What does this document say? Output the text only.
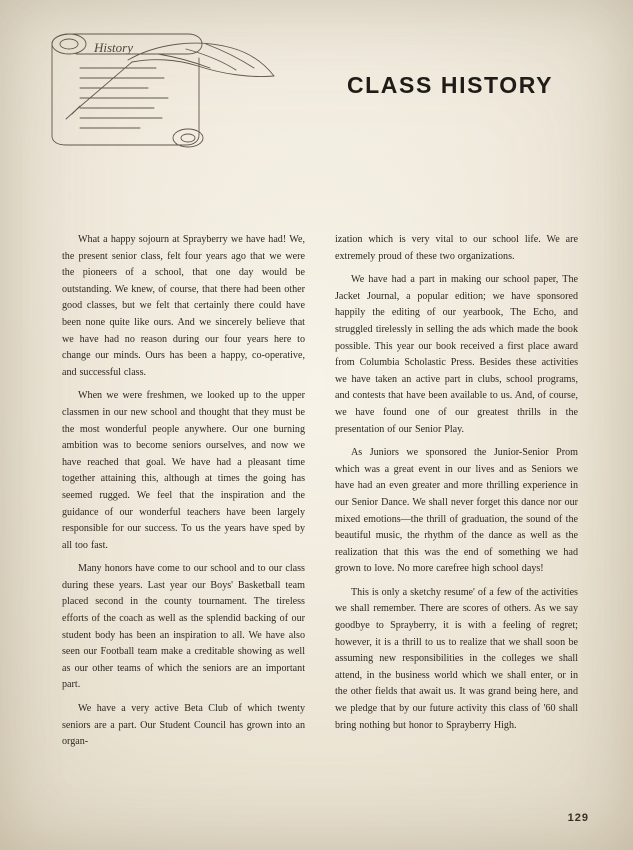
History
CLASS HISTORY

What a happy sojourn at Sprayberry we have had! We, the present senior class, felt four years ago that we were the pioneers of a school, that one day would be outstanding. We knew, of course, that there had been other good classes, but we felt that certainly there could have been none quite like ours. And we sincerely believe that we have had no reason during our four years here to change our minds. Ours has been a happy, co-operative, and successful class.

When we were freshmen, we looked up to the upper classmen in our new school and thought that they must be the most wonderful people anywhere. Our one burning ambition was to become seniors ourselves, and now we have reached that goal. We have had a pleasant time together attaining this, although at times the going has seemed rugged. We feel that the inspiration and the guidance of our wonderful teachers have been largely responsible for our success. To us the years have sped by all too fast.

Many honors have come to our school and to our class during these years. Last year our Boys' Basketball team placed second in the county tournament. The tireless efforts of the coach as well as the splendid backing of our student body has been an inspiration to all. We have also seen our Football team make a creditable showing as well as our other teams of which the seniors are an important part.

We have a very active Beta Club of which twenty seniors are a part. Our Student Council has grown into an organ-

ization which is very vital to our school life. We are extremely proud of these two organizations.

We have had a part in making our school paper, The Jacket Journal, a popular edition; we have sponsored happily the editing of our yearbook, The Echo, and struggled tirelessly in selling the ads which made the book possible. This year our book received a first place award from Columbia Scholastic Press. Besides these activities we have taken an active part in clubs, school programs, and contests that have been available to us. And, of course, we have found one of our greatest thrills in the presentation of our Senior Play.

As Juniors we sponsored the Junior-Senior Prom which was a great event in our lives and as Seniors we have had an even greater and more thrilling experience in our Senior Dance. We shall never forget this dance nor our mixed emotions—the thrill of graduation, the sound of the beautiful music, the rhythm of the dance as well as the realization that this was the end of something we had grown to love. No more carefree high school days!

This is only a sketchy resume' of a few of the activities we shall remember. There are scores of others. As we say goodbye to Sprayberry, it is with a feeling of regret; however, it is a thrill to us to realize that we shall soon be assuming new responsibilities in the colleges we shall attend, in the business world which we shall enter, or in the other fields that await us. It was grand being here, and we pledge that by our future activity this class of '60 shall bring nothing but honor to Sprayberry High.

129
